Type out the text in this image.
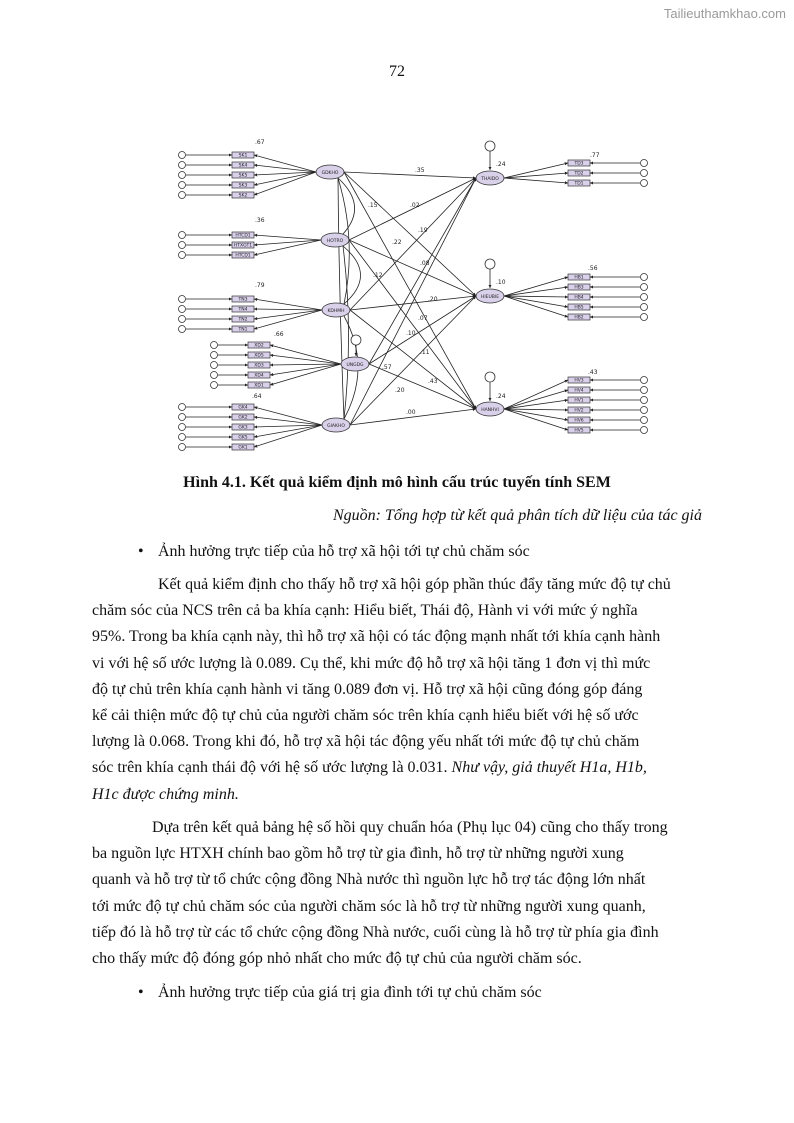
Tailieuthamkhao.com
72
SK1
SK4
SK5
SK3
SK2
HTCD1
HTXGT1
HTCD1
TN3
TN4
TN2
TN1
XD2
XD5
XD3
XD4
XD1
GK4
GK2
GK3
GK5
GK1
TD3
TD2
TD1
HB1
HB3
HB4
HB5
HB2
HV3
HV4
HV1
HV2
HV6
HV5
GDKHO
HOTRO
KDHMH
UNGDG
GIAKHO
THAIDO
HIEUBIE
HANHVI
.35
.02
.15
.22
.19
.08
.20
.10
.07
.11
.57
.43
.00
.12
.20
.67
.36
.79
.66
.64
.24
.10
.24
.77
.56
.43
Hình 4.1. Kết quả kiểm định mô hình cấu trúc tuyến tính SEM
Nguồn: Tổng hợp từ kết quả phân tích dữ liệu của tác giả
• Ảnh hưởng trực tiếp của hỗ trợ xã hội tới tự chủ chăm sóc
Kết quả kiểm định cho thấy hỗ trợ xã hội góp phần thúc đẩy tăng mức độ tự chủ
chăm sóc của NCS trên cả ba khía cạnh: Hiểu biết, Thái độ, Hành vi với mức ý nghĩa
95%. Trong ba khía cạnh này, thì hỗ trợ xã hội có tác động mạnh nhất tới khía cạnh hành
vi với hệ số ước lượng là 0.089. Cụ thể, khi mức độ hỗ trợ xã hội tăng 1 đơn vị thì mức
độ tự chủ trên khía cạnh hành vi tăng 0.089 đơn vị. Hỗ trợ xã hội cũng đóng góp đáng
kể cải thiện mức độ tự chủ của người chăm sóc trên khía cạnh hiểu biết với hệ số ước
lượng là 0.068. Trong khi đó, hỗ trợ xã hội tác động yếu nhất tới mức độ tự chủ chăm
sóc trên khía cạnh thái độ với hệ số ước lượng là 0.031. Như vậy, giả thuyết H1a, H1b,
H1c được chứng minh.
Dựa trên kết quả bảng hệ số hồi quy chuẩn hóa (Phụ lục 04) cũng cho thấy trong
ba nguồn lực HTXH chính bao gồm hỗ trợ từ gia đình, hỗ trợ từ những người xung
quanh và hỗ trợ từ tổ chức cộng đồng Nhà nước thì nguồn lực hỗ trợ tác động lớn nhất
tới mức độ tự chủ chăm sóc của người chăm sóc là hỗ trợ từ những người xung quanh,
tiếp đó là hỗ trợ từ các tổ chức cộng đồng Nhà nước, cuối cùng là hỗ trợ từ phía gia đình
cho thấy mức độ đóng góp nhỏ nhất cho mức độ tự chủ của người chăm sóc.
• Ảnh hưởng trực tiếp của giá trị gia đình tới tự chủ chăm sóc
